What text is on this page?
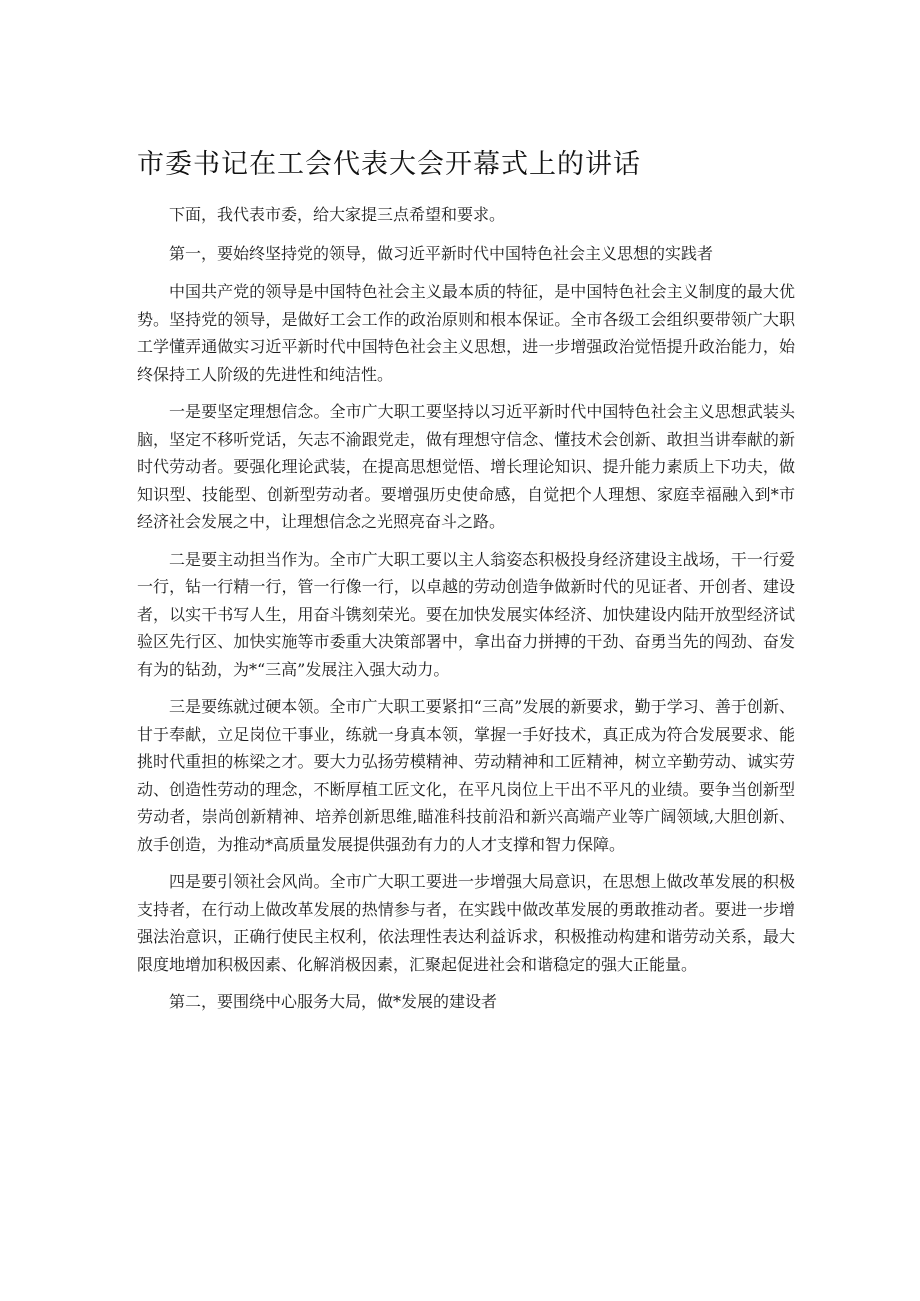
市委书记在工会代表大会开幕式上的讲话

下面，我代表市委，给大家提三点希望和要求。

第一，要始终坚持党的领导，做习近平新时代中国特色社会主义思想的实践者

中国共产党的领导是中国特色社会主义最本质的特征，是中国特色社会主义制度的最大优势。坚持党的领导，是做好工会工作的政治原则和根本保证。全市各级工会组织要带领广大职工学懂弄通做实习近平新时代中国特色社会主义思想，进一步增强政治觉悟提升政治能力，始终保持工人阶级的先进性和纯洁性。

一是要坚定理想信念。全市广大职工要坚持以习近平新时代中国特色社会主义思想武装头脑，坚定不移听党话，矢志不渝跟党走，做有理想守信念、懂技术会创新、敢担当讲奉献的新时代劳动者。要强化理论武装，在提高思想觉悟、增长理论知识、提升能力素质上下功夫，做知识型、技能型、创新型劳动者。要增强历史使命感，自觉把个人理想、家庭幸福融入到*市经济社会发展之中，让理想信念之光照亮奋斗之路。

二是要主动担当作为。全市广大职工要以主人翁姿态积极投身经济建设主战场，干一行爱一行，钻一行精一行，管一行像一行，以卓越的劳动创造争做新时代的见证者、开创者、建设者，以实干书写人生，用奋斗镌刻荣光。要在加快发展实体经济、加快建设内陆开放型经济试验区先行区、加快实施等市委重大决策部署中，拿出奋力拼搏的干劲、奋勇当先的闯劲、奋发有为的钻劲，为*“三高”发展注入强大动力。

三是要练就过硬本领。全市广大职工要紧扣“三高”发展的新要求，勤于学习、善于创新、甘于奉献，立足岗位干事业，练就一身真本领，掌握一手好技术，真正成为符合发展要求、能挑时代重担的栋梁之才。要大力弘扬劳模精神、劳动精神和工匠精神，树立辛勤劳动、诚实劳动、创造性劳动的理念，不断厚植工匠文化，在平凡岗位上干出不平凡的业绩。要争当创新型劳动者，崇尚创新精神、培养创新思维,瞄准科技前沿和新兴高端产业等广阔领域,大胆创新、放手创造，为推动*高质量发展提供强劲有力的人才支撑和智力保障。

四是要引领社会风尚。全市广大职工要进一步增强大局意识，在思想上做改革发展的积极支持者，在行动上做改革发展的热情参与者，在实践中做改革发展的勇敢推动者。要进一步增强法治意识，正确行使民主权利，依法理性表达利益诉求，积极推动构建和谐劳动关系，最大限度地增加积极因素、化解消极因素，汇聚起促进社会和谐稳定的强大正能量。

第二，要围绕中心服务大局，做*发展的建设者
